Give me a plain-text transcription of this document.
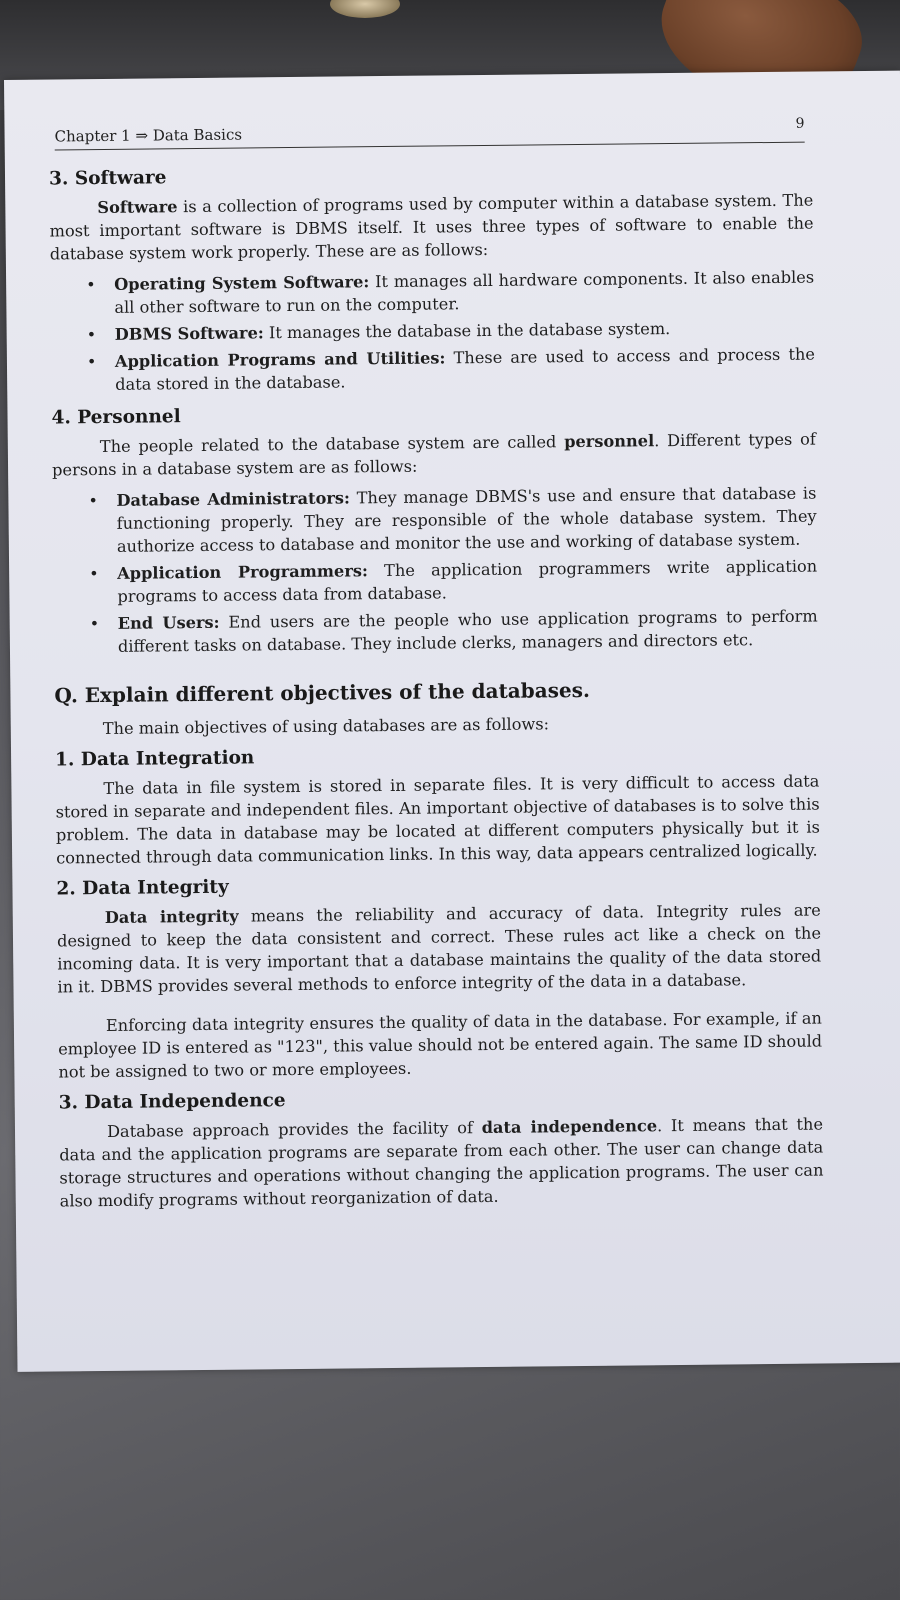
Chapter 1 ⇒ Data Basics
9
3. Software

Software is a collection of programs used by computer within a database system. The most important software is DBMS itself. It uses three types of software to enable the database system work properly. These are as follows:

• Operating System Software: It manages all hardware components. It also enables all other software to run on the computer.
• DBMS Software: It manages the database in the database system.
• Application Programs and Utilities: These are used to access and process the data stored in the database.
4. Personnel

The people related to the database system are called personnel. Different types of persons in a database system are as follows:

• Database Administrators: They manage DBMS's use and ensure that database is functioning properly. They are responsible of the whole database system. They authorize access to database and monitor the use and working of database system.
• Application Programmers: The application programmers write application programs to access data from database.
• End Users: End users are the people who use application programs to perform different tasks on database. They include clerks, managers and directors etc.
Q. Explain different objectives of the databases.

The main objectives of using databases are as follows:

1. Data Integration

The data in file system is stored in separate files. It is very difficult to access data stored in separate and independent files. An important objective of databases is to solve this problem. The data in database may be located at different computers physically but it is connected through data communication links. In this way, data appears centralized logically.

2. Data Integrity

Data integrity means the reliability and accuracy of data. Integrity rules are designed to keep the data consistent and correct. These rules act like a check on the incoming data. It is very important that a database maintains the quality of the data stored in it. DBMS provides several methods to enforce integrity of the data in a database.

Enforcing data integrity ensures the quality of data in the database. For example, if an employee ID is entered as "123", this value should not be entered again. The same ID should not be assigned to two or more employees.

3. Data Independence

Database approach provides the facility of data independence. It means that the data and the application programs are separate from each other. The user can change data storage structures and operations without changing the application programs. The user can also modify programs without reorganization of data.
